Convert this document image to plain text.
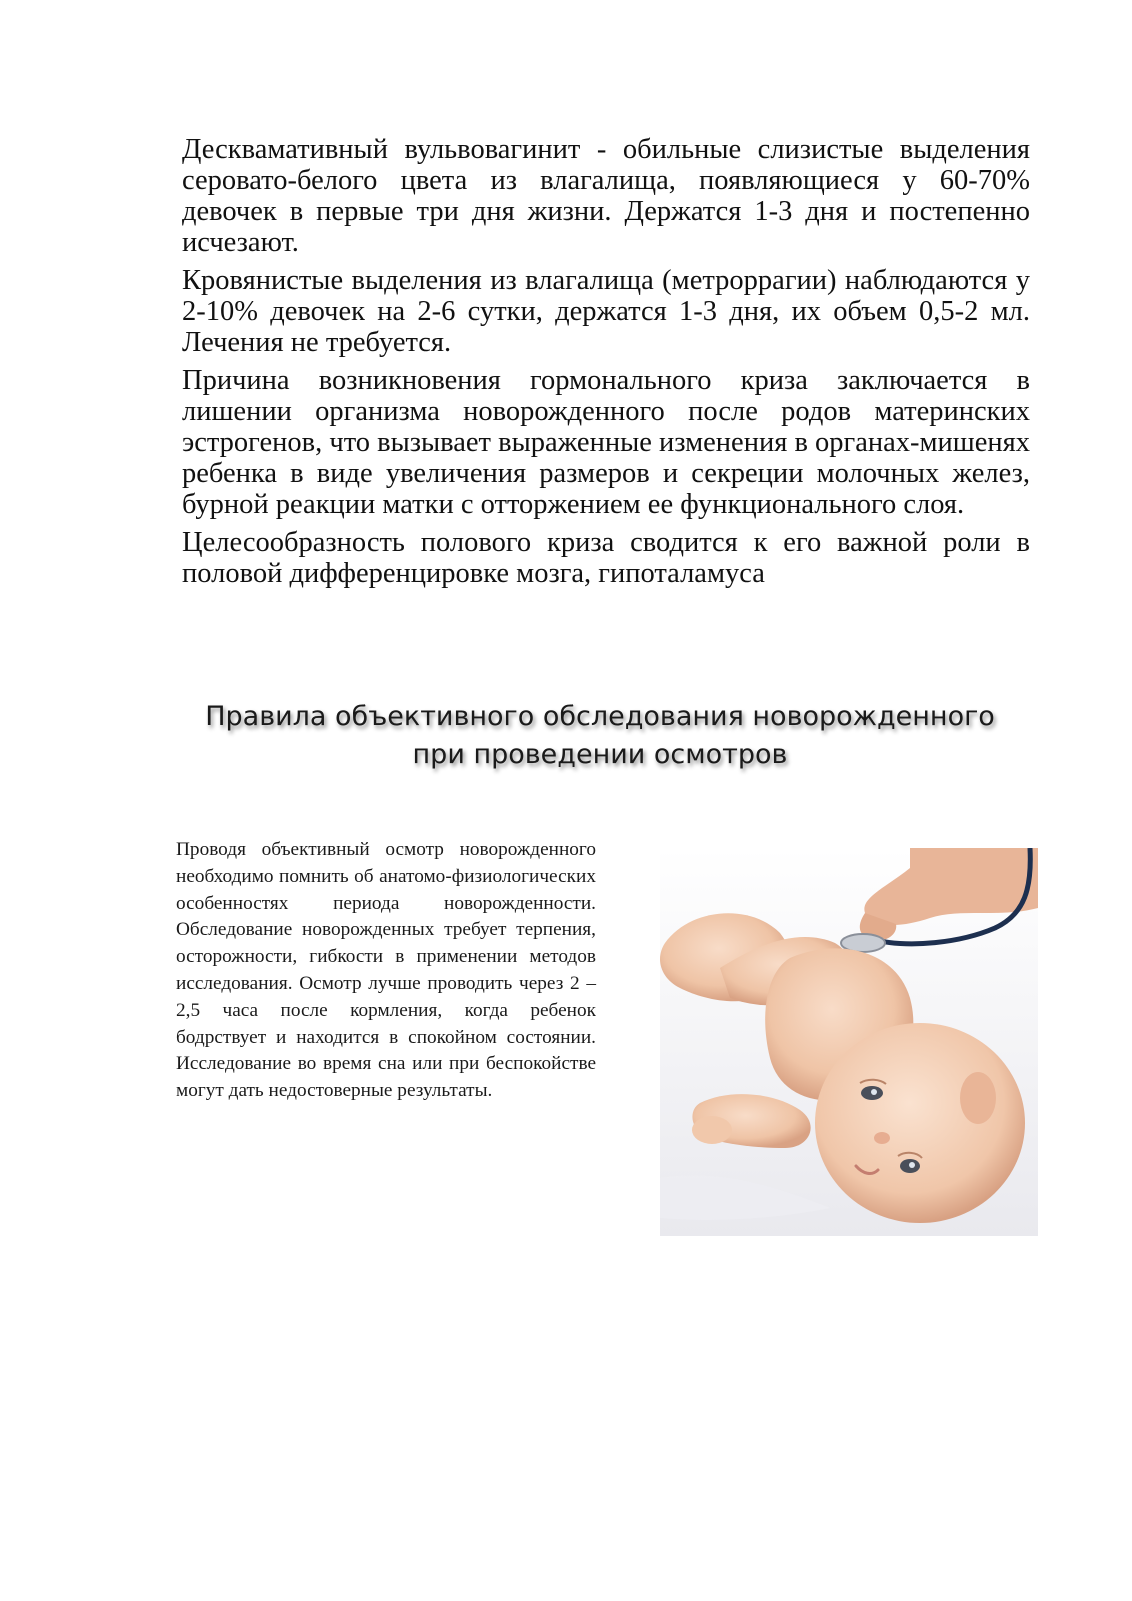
Десквамативный вульвовагинит - обильные слизистые выделения серовато-белого цвета из влагалища, появляющиеся у 60-70% девочек в первые три дня жизни. Держатся 1-3 дня и постепенно исчезают.

Кровянистые выделения из влагалища (метроррагии) наблюдаются у 2-10% девочек на 2-6 сутки, держатся 1-3 дня, их объем 0,5-2 мл. Лечения не требуется.

Причина возникновения гормонального криза заключается в лишении организма новорожденного после родов материнских эстрогенов, что вызывает выраженные изменения в органах-мишенях ребенка в виде увеличения размеров и секреции молочных желез, бурной реакции матки с отторжением ее функционального слоя.

Целесообразность полового криза сводится к его важной роли в половой дифференцировке мозга, гипоталамуса

Правила объективного обследования новорожденного
при проведении осмотров
Проводя объективный осмотр новорожденного необходимо помнить об анатомо-физиологических особенностях периода новорожденности. Обследование новорожденных требует терпения, осторожности, гибкости в применении методов исследования. Осмотр лучше проводить через 2 – 2,5 часа после кормления, когда ребенок бодрствует и находится в спокойном состоянии. Исследование во время сна или при беспокойстве могут дать недостоверные результаты.
